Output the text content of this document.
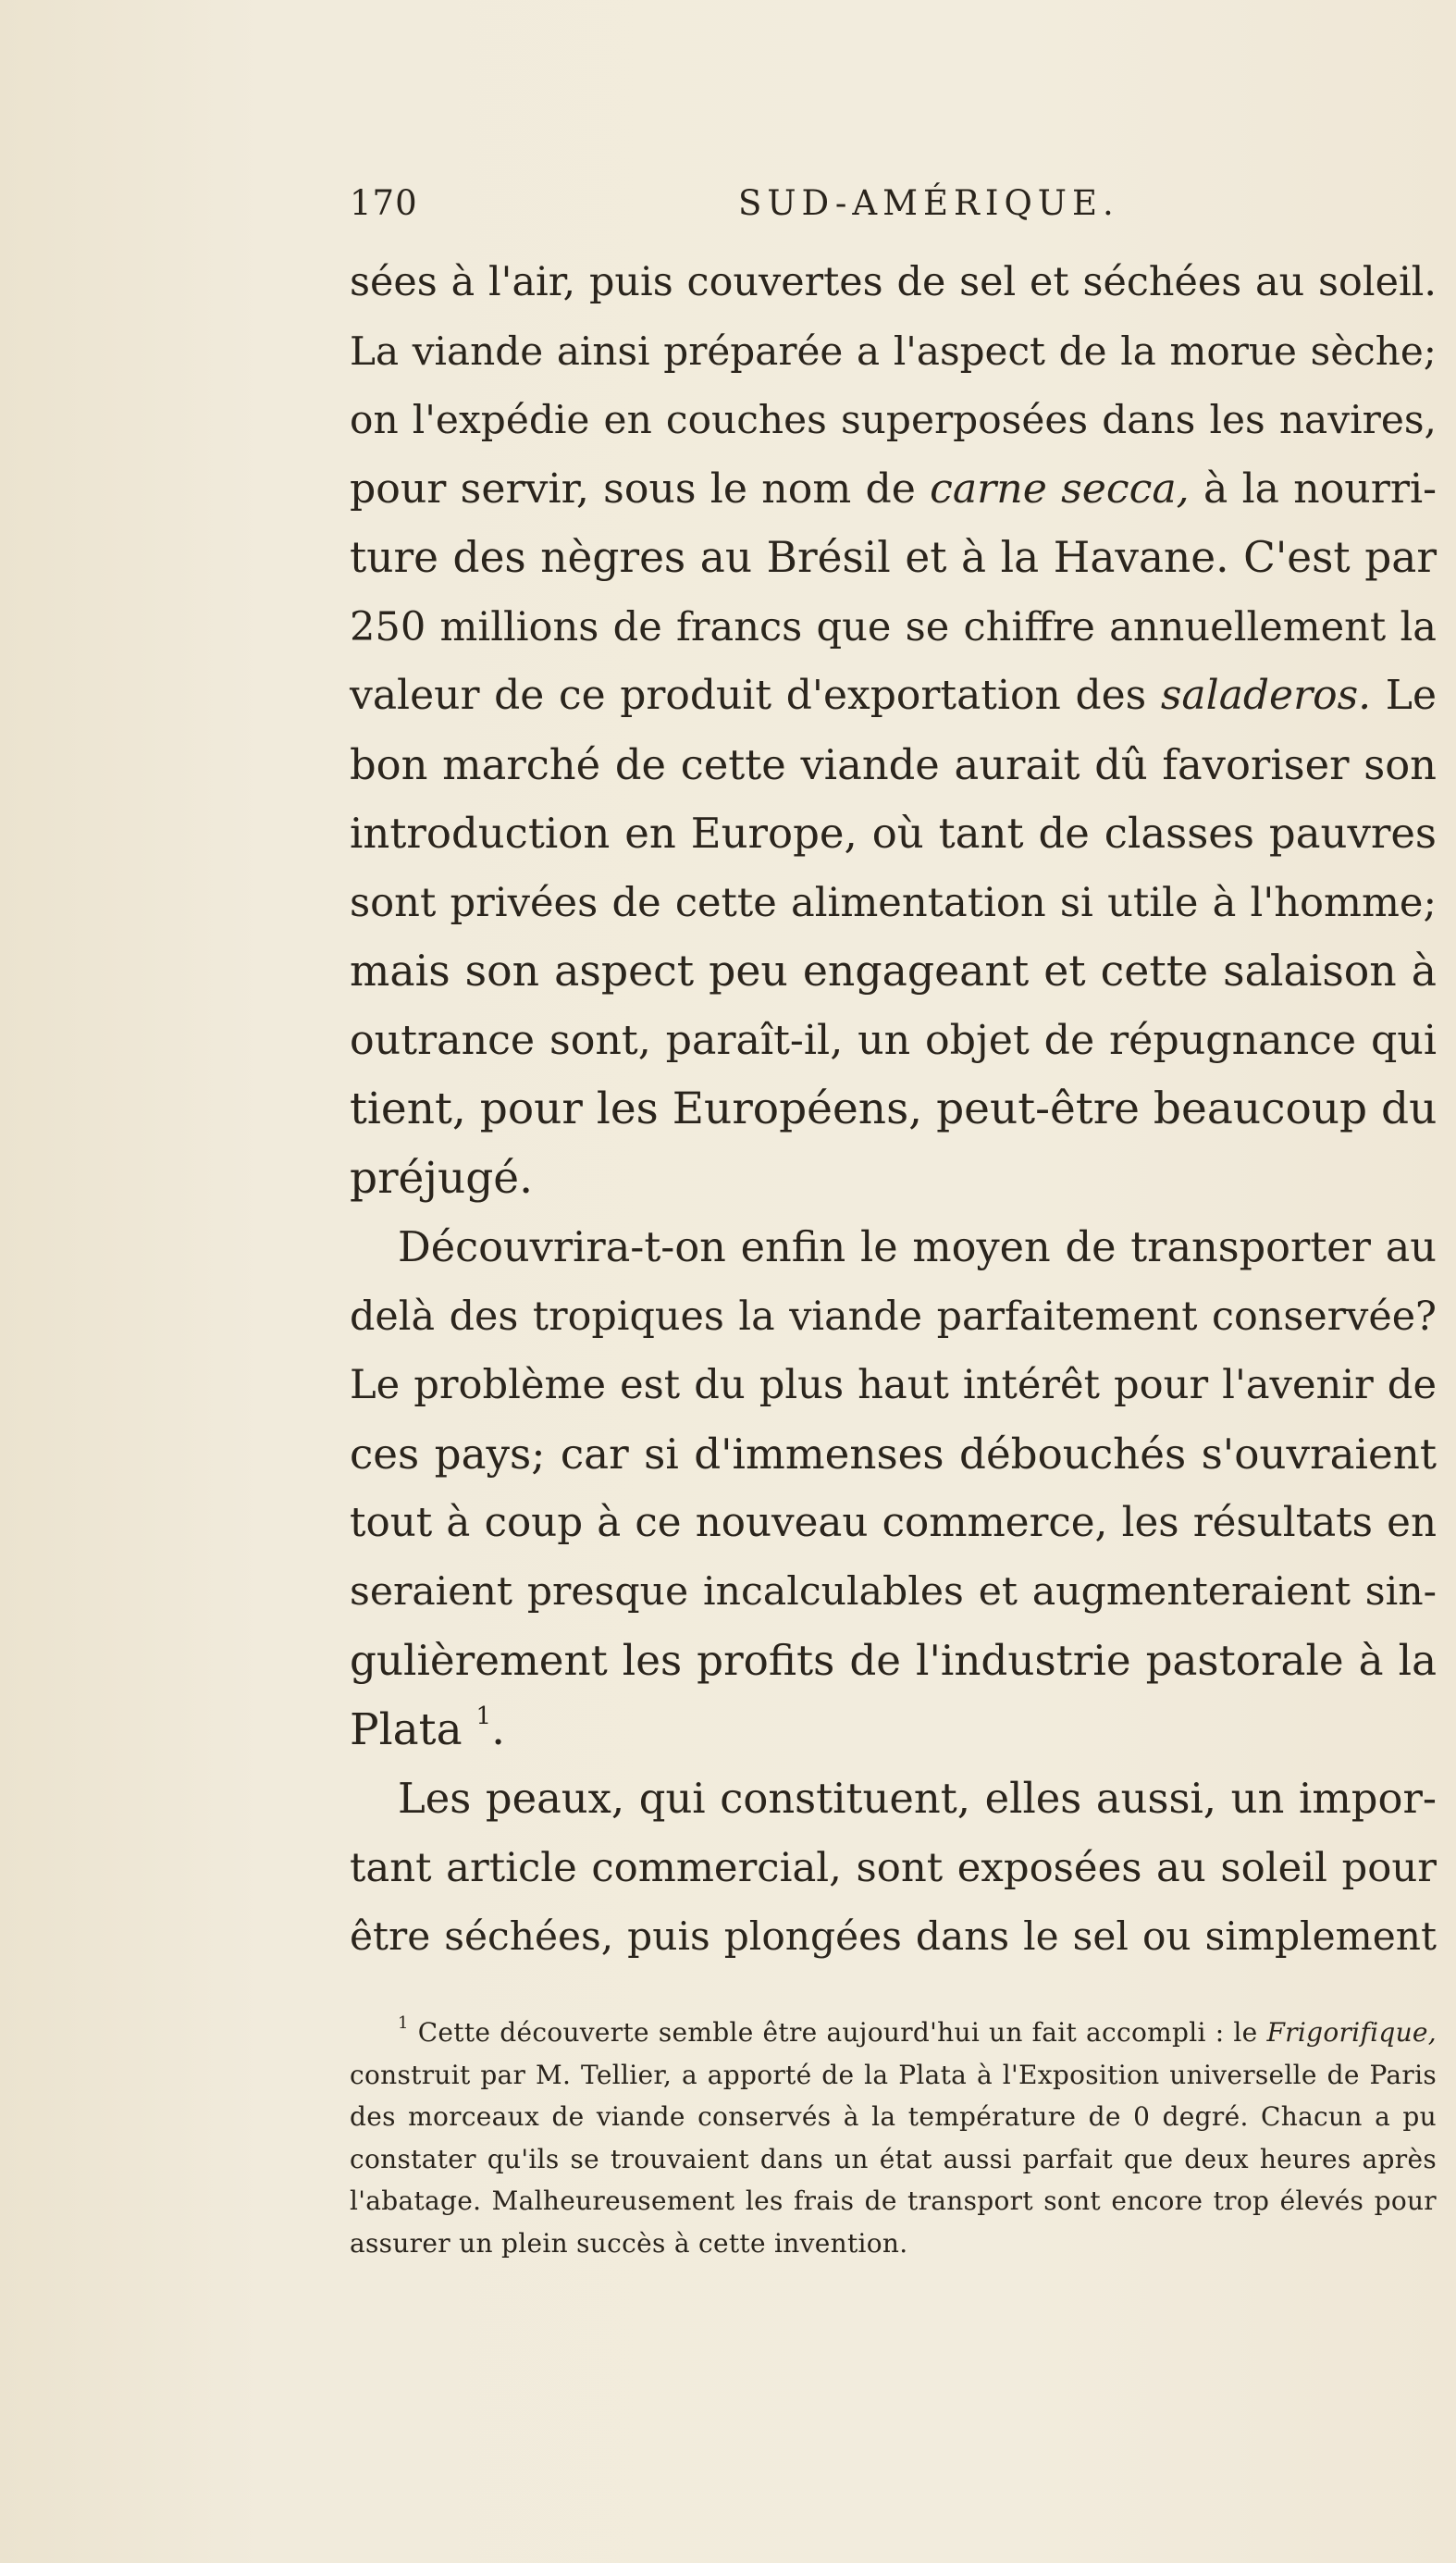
170	SUD-AMÉRIQUE.
sées à l'air, puis couvertes de sel et séchées au soleil.
La viande ainsi préparée a l'aspect de la morue sèche;
on l'expédie en couches superposées dans les navires,
pour servir, sous le nom de carne secca, à la nourri-
ture des nègres au Brésil et à la Havane. C'est par
250 millions de francs que se chiffre annuellement la
valeur de ce produit d'exportation des saladeros. Le
bon marché de cette viande aurait dû favoriser son
introduction en Europe, où tant de classes pauvres
sont privées de cette alimentation si utile à l'homme;
mais son aspect peu engageant et cette salaison à
outrance sont, paraît-il, un objet de répugnance qui
tient, pour les Européens, peut-être beaucoup du
préjugé.
Découvrira-t-on enfin le moyen de transporter au
delà des tropiques la viande parfaitement conservée?
Le problème est du plus haut intérêt pour l'avenir de
ces pays; car si d'immenses débouchés s'ouvraient
tout à coup à ce nouveau commerce, les résultats en
seraient presque incalculables et augmenteraient sin-
gulièrement les profits de l'industrie pastorale à la
Plata $^1$.
Les peaux, qui constituent, elles aussi, un impor-
tant article commercial, sont exposées au soleil pour
être séchées, puis plongées dans le sel ou simplement
$^1$ Cette découverte semble être aujourd'hui un fait accompli : le Frigorifique,
construit par M. Tellier, a apporté de la Plata à l'Exposition universelle de Paris
des morceaux de viande conservés à la température de 0 degré. Chacun a pu
constater qu'ils se trouvaient dans un état aussi parfait que deux heures après
l'abatage. Malheureusement les frais de transport sont encore trop élevés pour
assurer un plein succès à cette invention.
